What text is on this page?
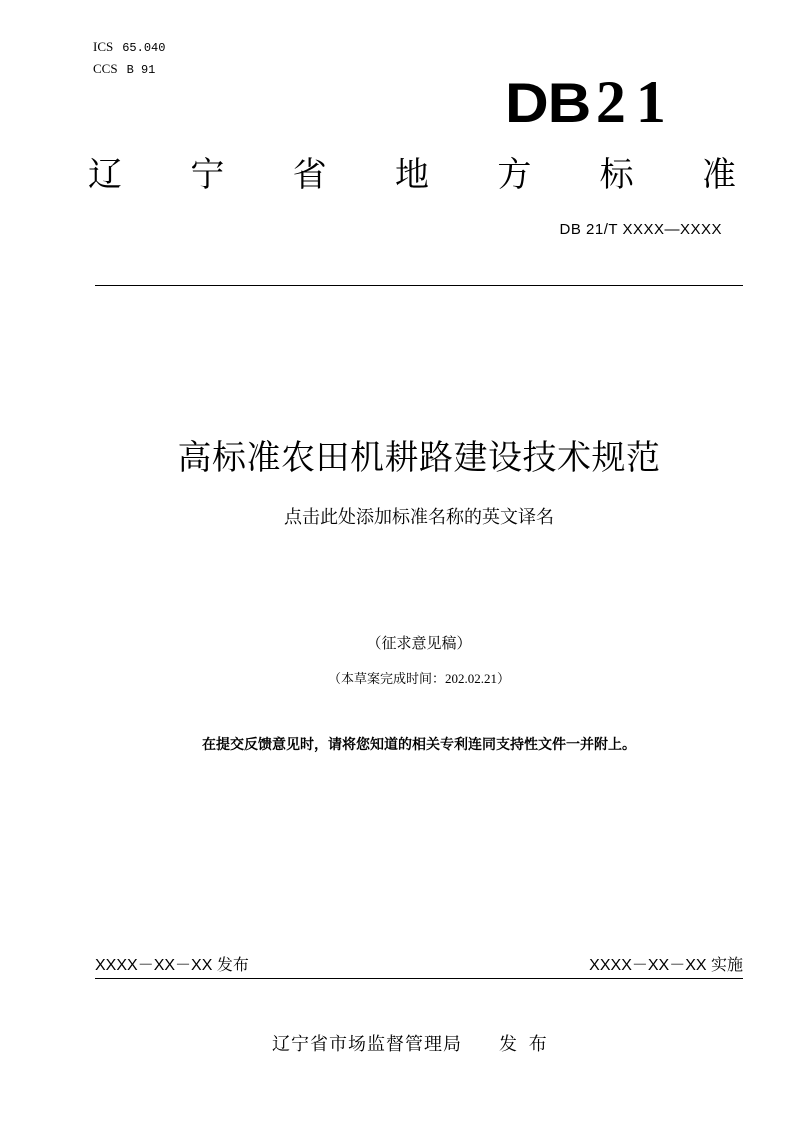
ICS 65.040
CCS B 91
DB 21
辽 宁 省 地 方 标 准
DB 21/T XXXX—XXXX
高标准农田机耕路建设技术规范
点击此处添加标准名称的英文译名
（征求意见稿）
（本草案完成时间：202.02.21）
在提交反馈意见时，请将您知道的相关专利连同支持性文件一并附上。
XXXX－XX－XX 发布	XXXX－XX－XX 实施
辽宁省市场监督管理局 发 布
